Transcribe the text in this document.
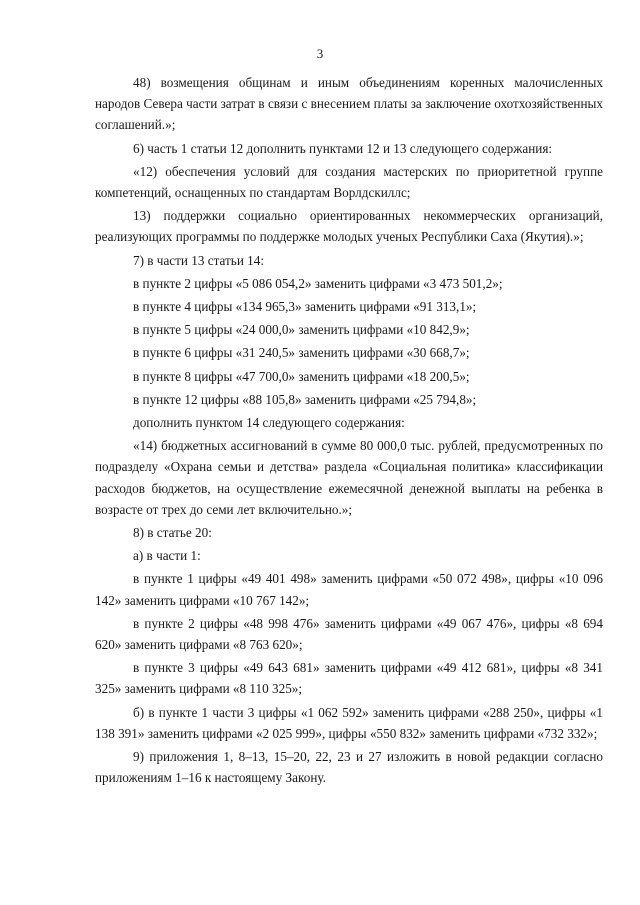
3

48) возмещения общинам и иным объединениям коренных малочисленных народов Севера части затрат в связи с внесением платы за заключение охотхозяйственных соглашений.»;

6) часть 1 статьи 12 дополнить пунктами 12 и 13 следующего содержания:

«12) обеспечения условий для создания мастерских по приоритетной группе компетенций, оснащенных по стандартам Ворлдскиллс;

13) поддержки социально ориентированных некоммерческих организаций, реализующих программы по поддержке молодых ученых Республики Саха (Якутия).»;

7) в части 13 статьи 14:

в пункте 2 цифры «5 086 054,2» заменить цифрами «3 473 501,2»;

в пункте 4 цифры «134 965,3» заменить цифрами «91 313,1»;

в пункте 5 цифры «24 000,0» заменить цифрами «10 842,9»;

в пункте 6 цифры «31 240,5» заменить цифрами «30 668,7»;

в пункте 8 цифры «47 700,0» заменить цифрами «18 200,5»;

в пункте 12 цифры «88 105,8» заменить цифрами «25 794,8»;

дополнить пунктом 14 следующего содержания:

«14) бюджетных ассигнований в сумме 80 000,0 тыс. рублей, предусмотренных по подразделу «Охрана семьи и детства» раздела «Социальная политика» классификации расходов бюджетов, на осуществление ежемесячной денежной выплаты на ребенка в возрасте от трех до семи лет включительно.»;

8) в статье 20:

а) в части 1:

в пункте 1 цифры «49 401 498» заменить цифрами «50 072 498», цифры «10 096 142» заменить цифрами «10 767 142»;

в пункте 2 цифры «48 998 476» заменить цифрами «49 067 476», цифры «8 694 620» заменить цифрами «8 763 620»;

в пункте 3 цифры «49 643 681» заменить цифрами «49 412 681», цифры «8 341 325» заменить цифрами «8 110 325»;

б) в пункте 1 части 3 цифры «1 062 592» заменить цифрами «288 250», цифры «1 138 391» заменить цифрами «2 025 999», цифры «550 832» заменить цифрами «732 332»;

9) приложения 1, 8–13, 15–20, 22, 23 и 27 изложить в новой редакции согласно приложениям 1–16 к настоящему Закону.
